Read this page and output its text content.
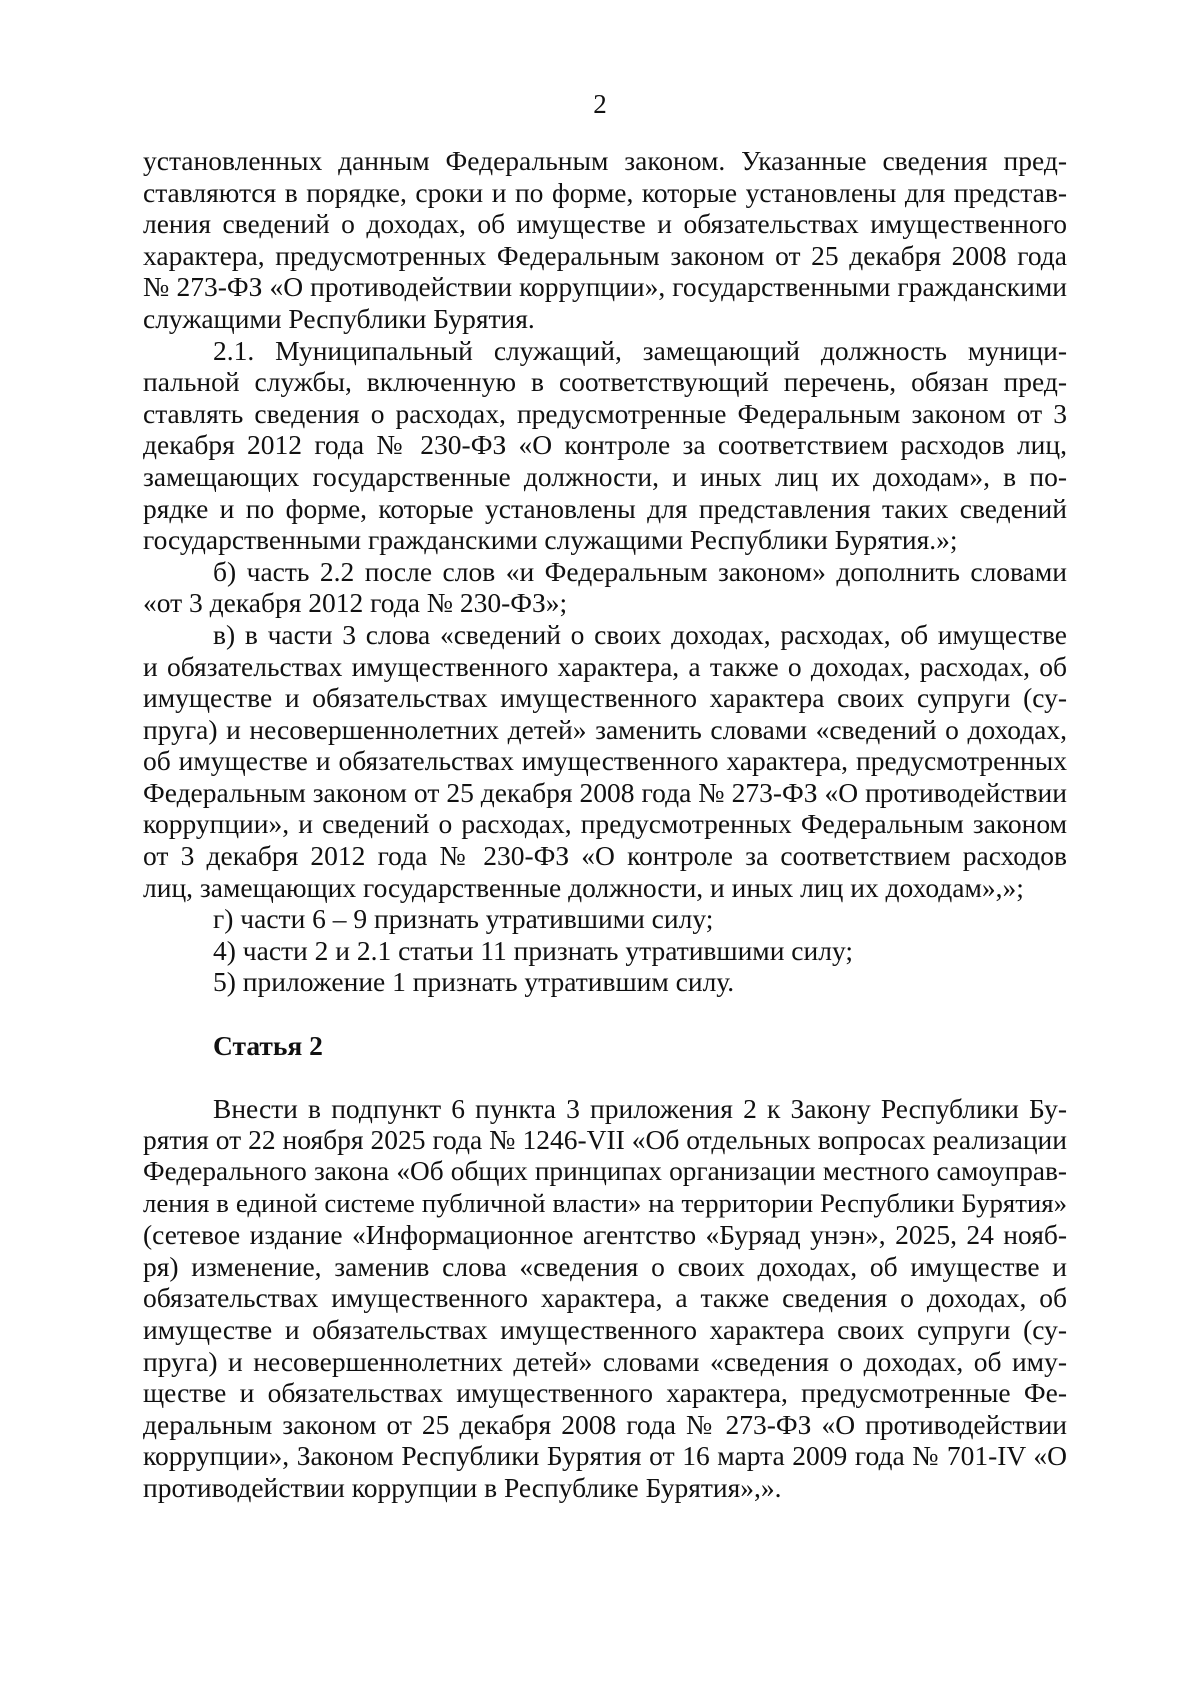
2
установленных данным Федеральным законом. Указанные сведения пред-
ставляются в порядке, сроки и по форме, которые установлены для представ-
ления сведений о доходах, об имуществе и обязательствах имущественного
характера, предусмотренных Федеральным законом от 25 декабря 2008 года
№ 273-ФЗ «О противодействии коррупции», государственными гражданскими
служащими Республики Бурятия.
2.1. Муниципальный служащий, замещающий должность муници-
пальной службы, включенную в соответствующий перечень, обязан пред-
ставлять сведения о расходах, предусмотренные Федеральным законом от 3
декабря 2012 года № 230-ФЗ «О контроле за соответствием расходов лиц,
замещающих государственные должности, и иных лиц их доходам», в по-
рядке и по форме, которые установлены для представления таких сведений
государственными гражданскими служащими Республики Бурятия.»;
б) часть 2.2 после слов «и Федеральным законом» дополнить словами
«от 3 декабря 2012 года № 230-ФЗ»;
в) в части 3 слова «сведений о своих доходах, расходах, об имуществе
и обязательствах имущественного характера, а также о доходах, расходах, об
имуществе и обязательствах имущественного характера своих супруги (су-
пруга) и несовершеннолетних детей» заменить словами «сведений о доходах,
об имуществе и обязательствах имущественного характера, предусмотренных
Федеральным законом от 25 декабря 2008 года № 273-ФЗ «О противодействии
коррупции», и сведений о расходах, предусмотренных Федеральным законом
от 3 декабря 2012 года № 230-ФЗ «О контроле за соответствием расходов
лиц, замещающих государственные должности, и иных лиц их доходам»,»;
г) части 6 – 9 признать утратившими силу;
4) части 2 и 2.1 статьи 11 признать утратившими силу;
5) приложение 1 признать утратившим силу.
Статья 2
Внести в подпункт 6 пункта 3 приложения 2 к Закону Республики Бу-
рятия от 22 ноября 2025 года № 1246-VII «Об отдельных вопросах реализации
Федерального закона «Об общих принципах организации местного самоуправ-
ления в единой системе публичной власти» на территории Республики Бурятия»
(сетевое издание «Информационное агентство «Буряад унэн», 2025, 24 нояб-
ря) изменение, заменив слова «сведения о своих доходах, об имуществе и
обязательствах имущественного характера, а также сведения о доходах, об
имуществе и обязательствах имущественного характера своих супруги (су-
пруга) и несовершеннолетних детей» словами «сведения о доходах, об иму-
ществе и обязательствах имущественного характера, предусмотренные Фе-
деральным законом от 25 декабря 2008 года № 273-ФЗ «О противодействии
коррупции», Законом Республики Бурятия от 16 марта 2009 года № 701-IV «О
противодействии коррупции в Республике Бурятия»,».
